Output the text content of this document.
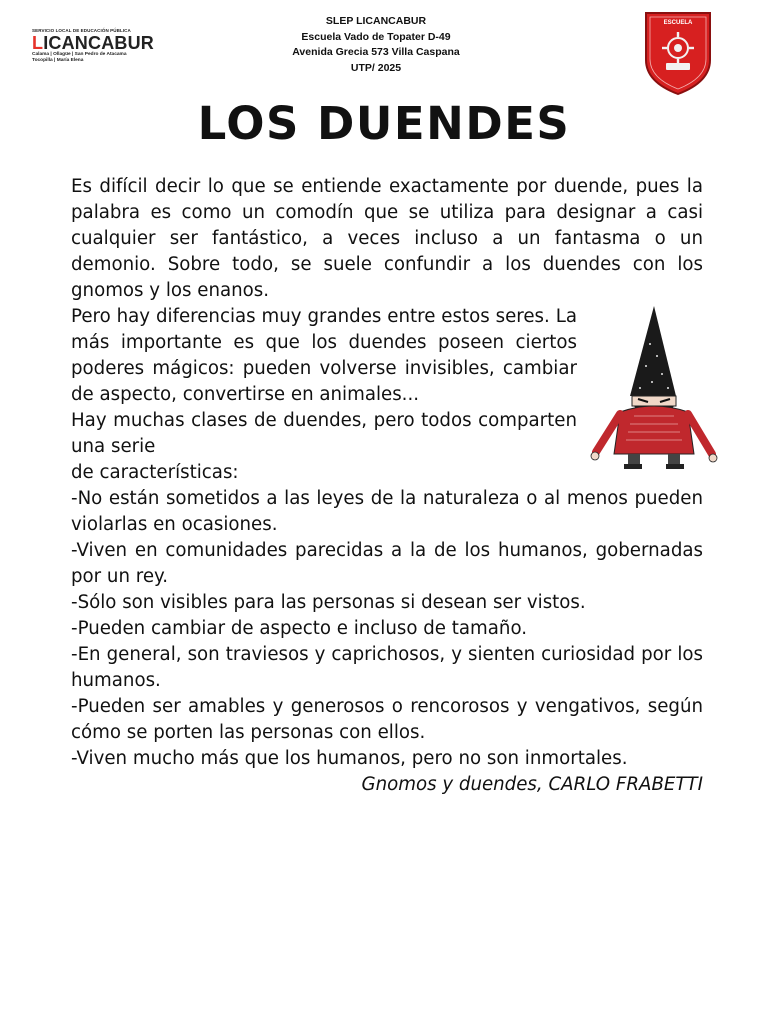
SERVICIO LOCAL DE EDUCACIÓN PÚBLICA
LICANCABUR
Calama | Ollagüe | San Pedro de Atacama
Tocopilla | María Elena
SLEP LICANCABUR
Escuela Vado de Topater D-49
Avenida Grecia 573 Villa Caspana
UTP/ 2025
ESCUELA
LOS DUENDES

Es difícil decir lo que se entiende exactamente por duende, pues la palabra es como un comodín que se utiliza para designar a casi cualquier ser fantástico, a veces incluso a un fantasma o un demonio. Sobre todo, se suele confundir a los duendes con los gnomos y los enanos.

Pero hay diferencias muy grandes entre estos seres. La más importante es que los duendes poseen ciertos poderes mágicos: pueden volverse invisibles, cambiar de aspecto, convertirse en animales...

Hay muchas clases de duendes, pero todos comparten una serie

de características:

-No están sometidos a las leyes de la naturaleza o al menos pueden violarlas en ocasiones.

-Viven en comunidades parecidas a la de los humanos, gobernadas por un rey.

-Sólo son visibles para las personas si desean ser vistos.

-Pueden cambiar de aspecto e incluso de tamaño.

-En general, son traviesos y caprichosos, y sienten curiosidad por los humanos.

-Pueden ser amables y generosos o rencorosos y vengativos, según cómo se porten las personas con ellos.

-Viven mucho más que los humanos, pero no son inmortales.

Gnomos y duendes, CARLO FRABETTI
